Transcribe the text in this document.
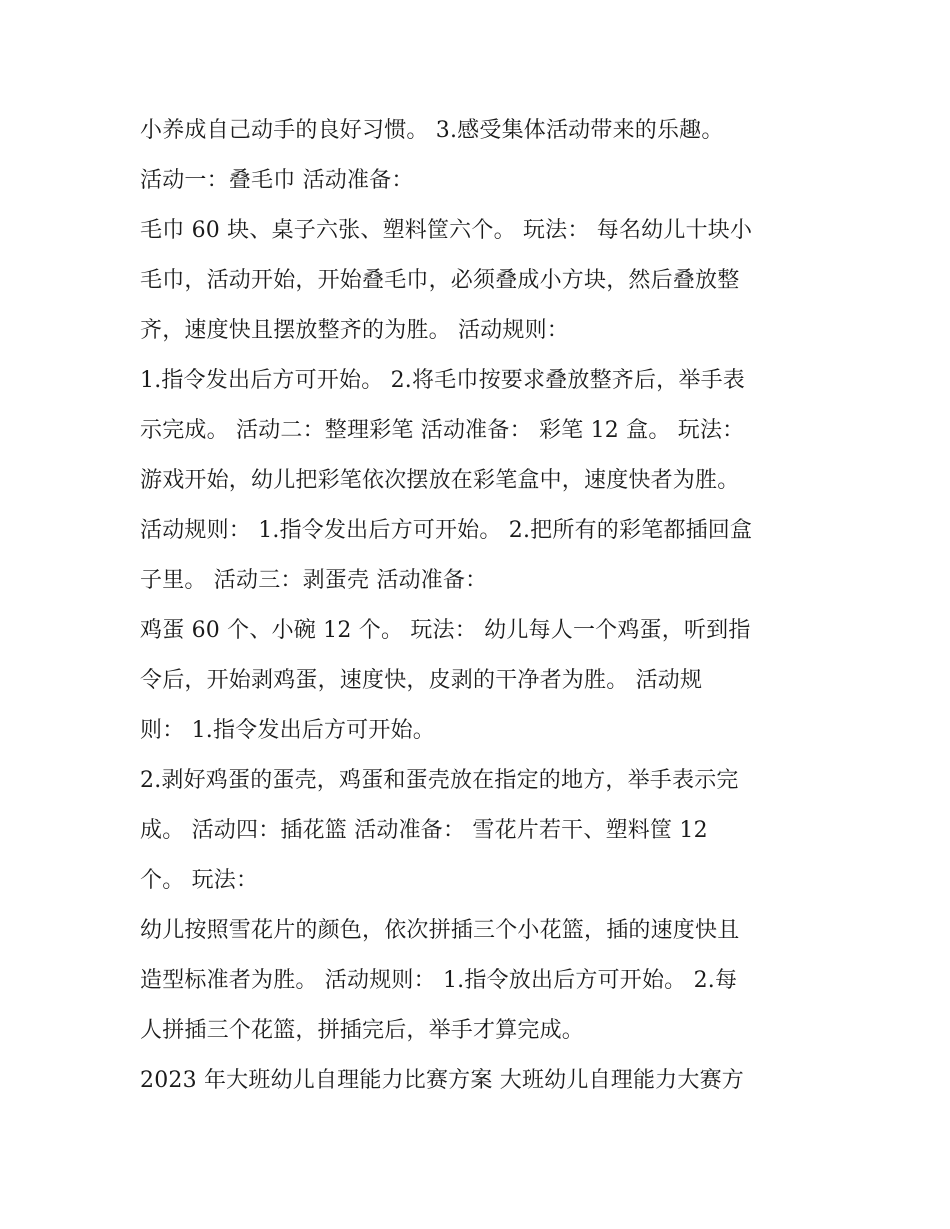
小养成自己动手的良好习惯。 3.感受集体活动带来的乐趣。

活动一：叠毛巾 活动准备：

毛巾 60 块、桌子六张、塑料筐六个。 玩法： 每名幼儿十块小

毛巾，活动开始，开始叠毛巾，必须叠成小方块，然后叠放整

齐，速度快且摆放整齐的为胜。 活动规则：

1.指令发出后方可开始。 2.将毛巾按要求叠放整齐后，举手表

示完成。 活动二：整理彩笔 活动准备： 彩笔 12 盒。 玩法：

游戏开始，幼儿把彩笔依次摆放在彩笔盒中，速度快者为胜。

活动规则： 1.指令发出后方可开始。 2.把所有的彩笔都插回盒

子里。 活动三：剥蛋壳 活动准备：

鸡蛋 60 个、小碗 12 个。 玩法： 幼儿每人一个鸡蛋，听到指

令后，开始剥鸡蛋，速度快，皮剥的干净者为胜。 活动规

则： 1.指令发出后方可开始。

2.剥好鸡蛋的蛋壳，鸡蛋和蛋壳放在指定的地方，举手表示完

成。 活动四：插花篮 活动准备： 雪花片若干、塑料筐 12

个。 玩法：

幼儿按照雪花片的颜色，依次拼插三个小花篮，插的速度快且

造型标准者为胜。 活动规则： 1.指令放出后方可开始。 2.每

人拼插三个花篮，拼插完后，举手才算完成。

2023 年大班幼儿自理能力比赛方案 大班幼儿自理能力大赛方
